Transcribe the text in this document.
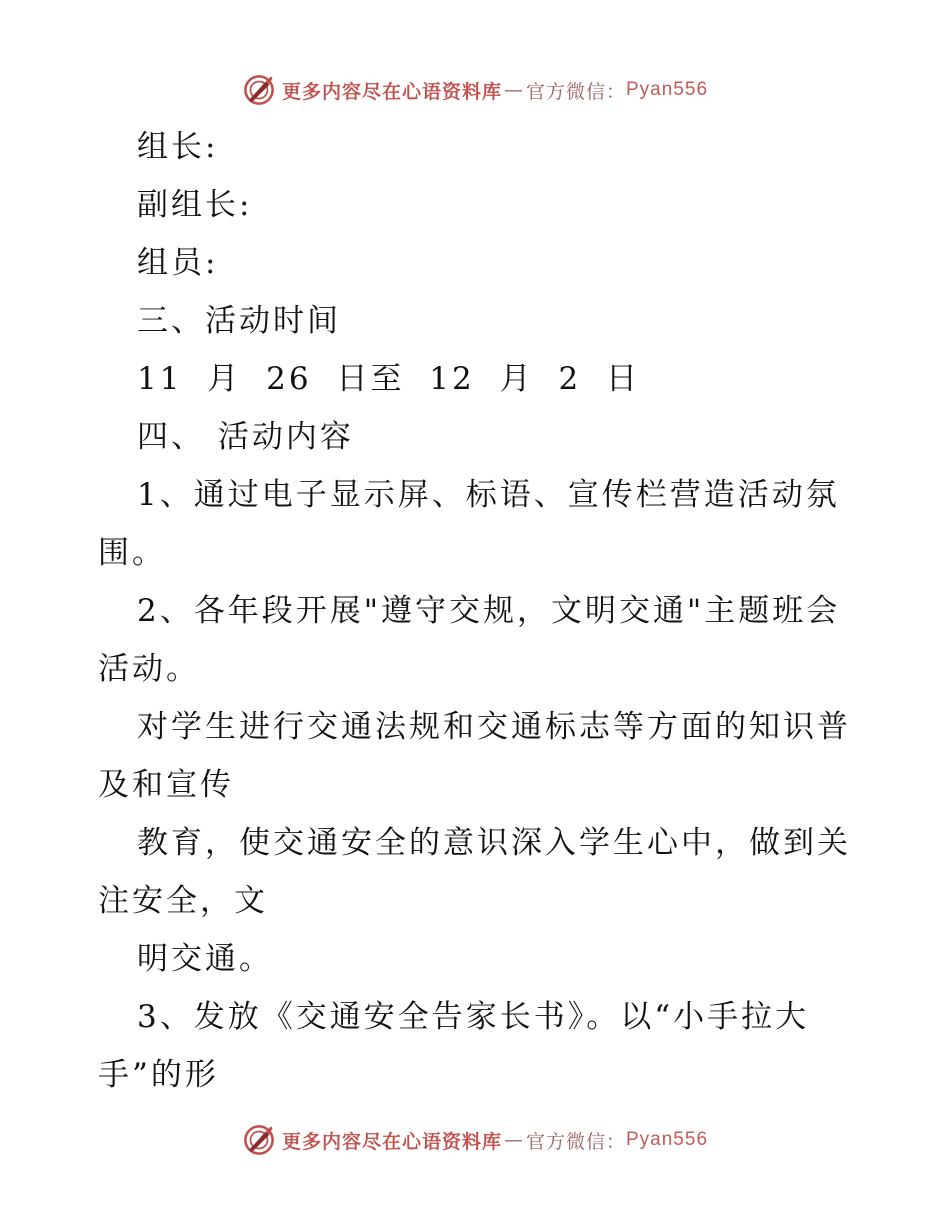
更多内容尽在心语资料库 — 官方微信： Pyan556
组长:
副组长:
组员:
三、活动时间
11 月 26 日至 12 月 2 日
四、 活动内容
1、通过电子显示屏、标语、宣传栏营造活动氛
围。
2、各年段开展"遵守交规，文明交通"主题班会
活动。
对学生进行交通法规和交通标志等方面的知识普
及和宣传
教育，使交通安全的意识深入学生心中，做到关
注安全，文
明交通。
3、发放《交通安全告家长书》。以“小手拉大
手”的形
更多内容尽在心语资料库 — 官方微信： Pyan556
